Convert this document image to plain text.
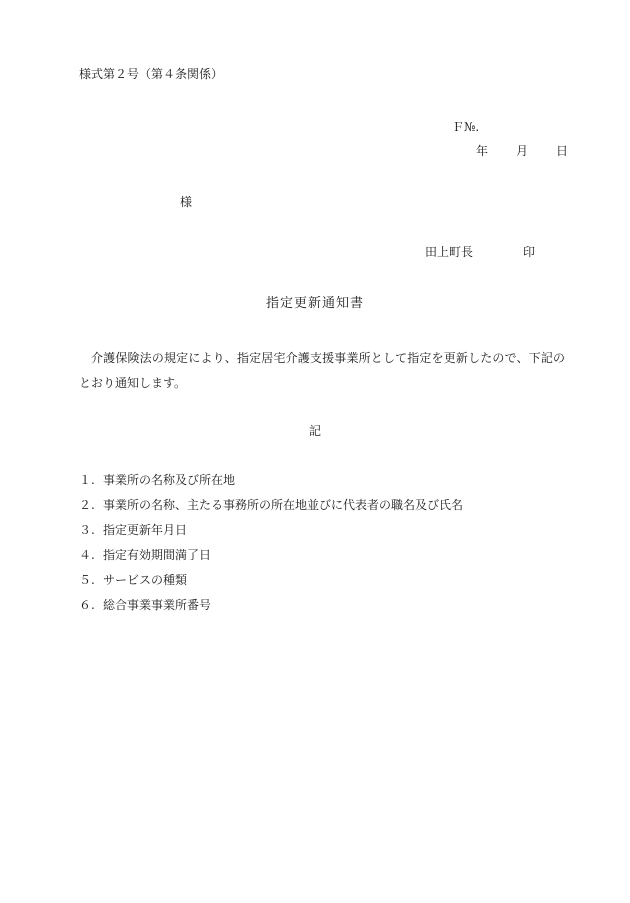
様式第２号（第４条関係）
Ｆ№.
年 月 日
様
田上町長	印
指定更新通知書
介護保険法の規定により、指定居宅介護支援事業所として指定を更新したので、下記のとおり通知します。
記
１. 事業所の名称及び所在地
２. 事業所の名称、主たる事務所の所在地並びに代表者の職名及び氏名
３. 指定更新年月日
４. 指定有効期間満了日
５. サービスの種類
６. 総合事業事業所番号
